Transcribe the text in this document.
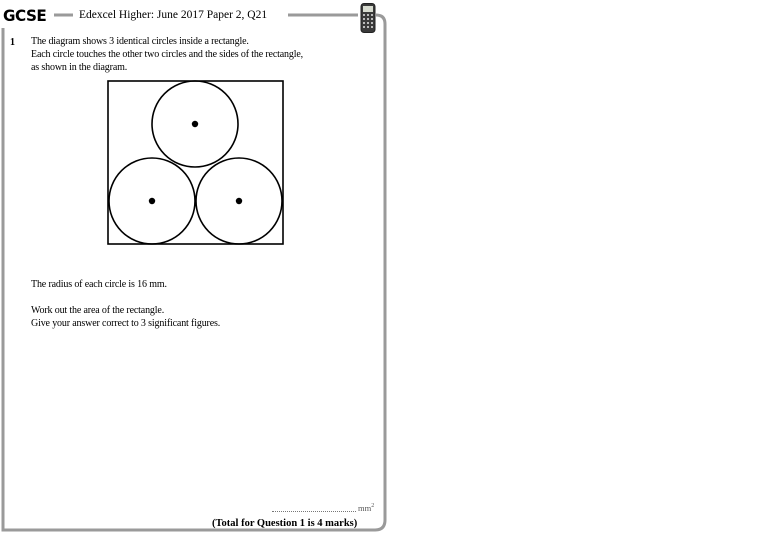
GCSE	Edexcel Higher: June 2017 Paper 2, Q21
1 The diagram shows 3 identical circles inside a rectangle.
Each circle touches the other two circles and the sides of the rectangle,
as shown in the diagram.
The radius of each circle is 16 mm.
Work out the area of the rectangle.
Give your answer correct to 3 significant figures.
$mm^2$
(Total for Question 1 is 4 marks)
